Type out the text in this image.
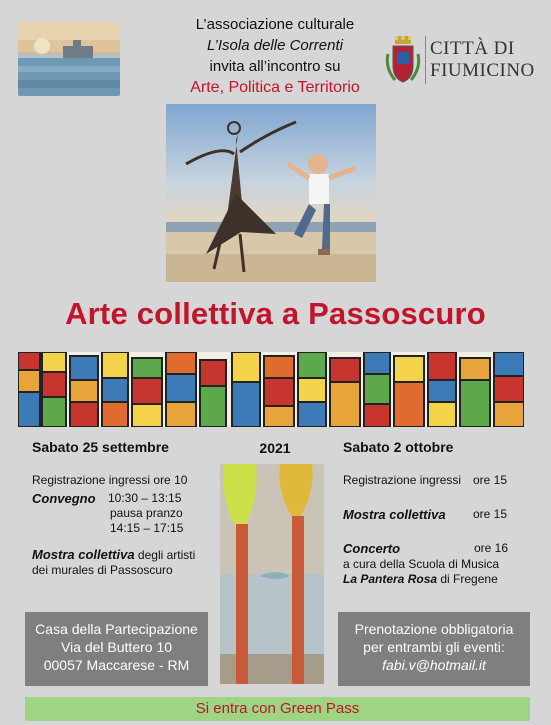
L’associazione culturale
L’Isola delle Correnti
invita all’incontro su
Arte, Politica e Territorio
CITTÀ DI
FIUMICINO
Arte collettiva a Passoscuro
Sabato 25 settembre
Registrazione ingressi ore 10
Convegno 10:30 – 13:15
pausa pranzo
14:15 – 17:15
Mostra collettiva degli artisti
dei murales di Passoscuro
2021	Sabato 2 ottobre
Registrazione ingressi ore 15
Mostra collettiva ore 15
Concerto	ore 16
a cura della Scuola di Musica
La Pantera Rosa di Fregene
Casa della Partecipazione
Via del Buttero 10
00057 Maccarese - RM
Prenotazione obbligatoria
per entrambi gli eventi:
fabi.v@hotmail.it
Si entra con Green Pass
